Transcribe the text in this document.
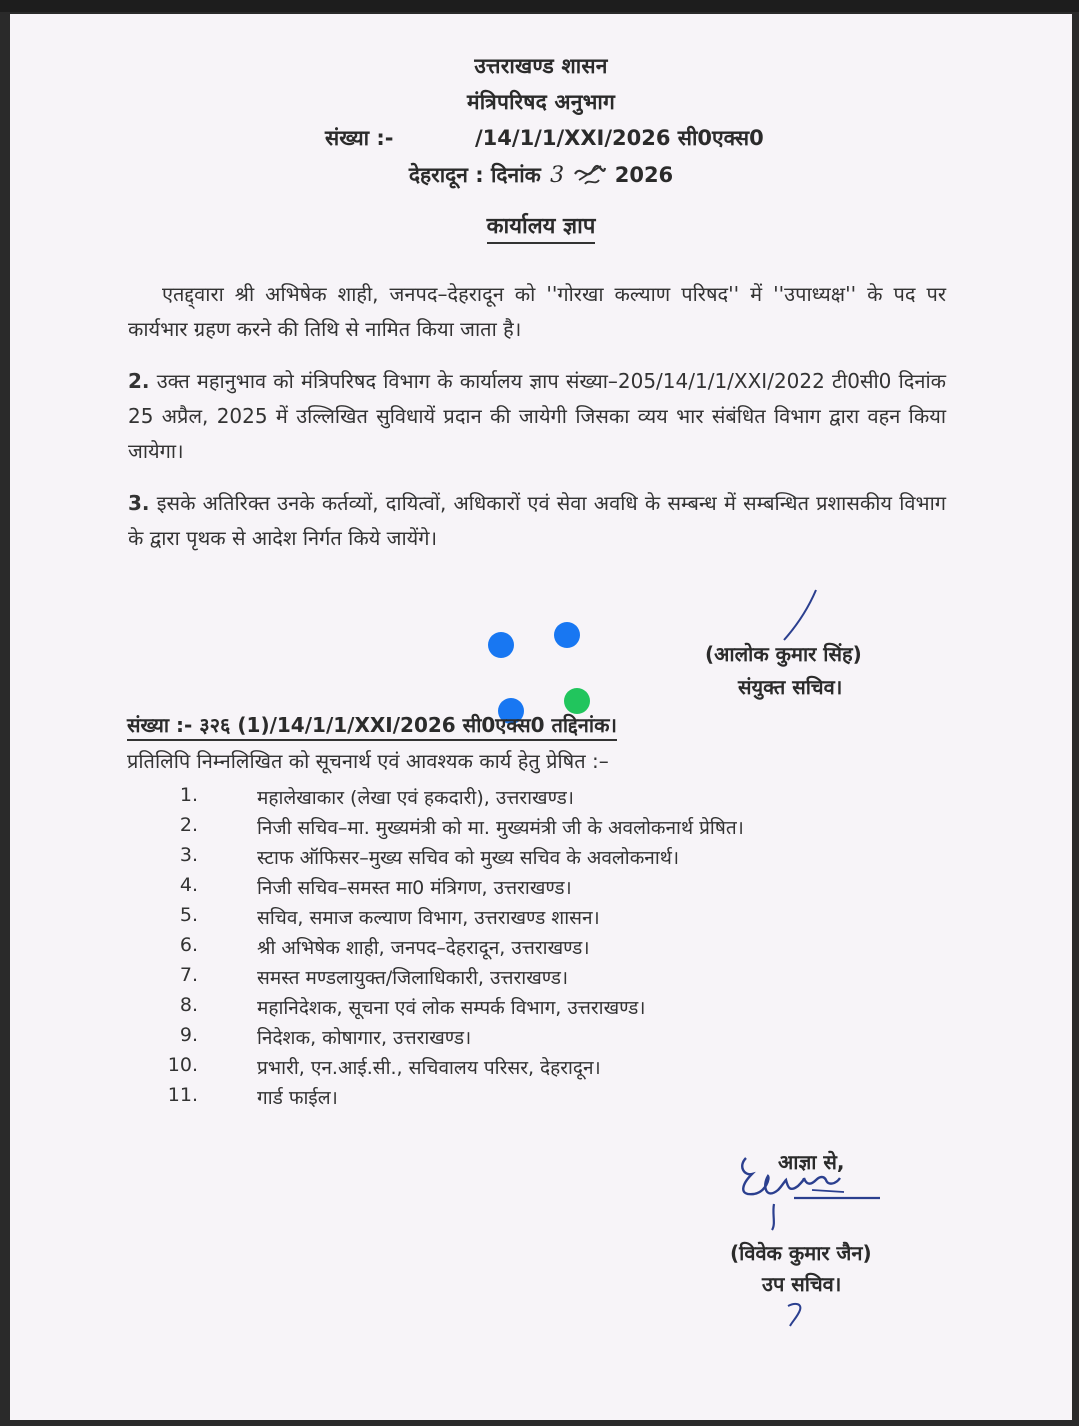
उत्तराखण्ड शासन
मंत्रिपरिषद अनुभाग
संख्या :-	/14/1/1/XXI/2026 सी0एक्स0
देहरादून : दिनांक 3 2026
कार्यालय ज्ञाप
एतद्द्वारा श्री अभिषेक शाही, जनपद–देहरादून को ''गोरखा कल्याण परिषद'' में ''उपाध्यक्ष'' के पद पर कार्यभार ग्रहण करने की तिथि से नामित किया जाता है।
2. उक्त महानुभाव को मंत्रिपरिषद विभाग के कार्यालय ज्ञाप संख्या–205/14/1/1/XXI/2022 टी0सी0 दिनांक 25 अप्रैल, 2025 में उल्लिखित सुविधायें प्रदान की जायेगी जिसका व्यय भार संबंधित विभाग द्वारा वहन किया जायेगा।
3. इसके अतिरिक्त उनके कर्तव्यों, दायित्वों, अधिकारों एवं सेवा अवधि के सम्बन्ध में सम्बन्धित प्रशासकीय विभाग के द्वारा पृथक से आदेश निर्गत किये जायेंगे।
(आलोक कुमार सिंह)
संयुक्त सचिव।
संख्या :- ३२६ (1)/14/1/1/XXI/2026 सी0एक्स0 तद्दिनांक।
प्रतिलिपि निम्नलिखित को सूचनार्थ एवं आवश्यक कार्य हेतु प्रेषित :–
1.	महालेखाकार (लेखा एवं हकदारी), उत्तराखण्ड।
2.	निजी सचिव–मा. मुख्यमंत्री को मा. मुख्यमंत्री जी के अवलोकनार्थ प्रेषित।
3.	स्टाफ ऑफिसर–मुख्य सचिव को मुख्य सचिव के अवलोकनार्थ।
4.	निजी सचिव–समस्त मा0 मंत्रिगण, उत्तराखण्ड।
5.	सचिव, समाज कल्याण विभाग, उत्तराखण्ड शासन।
6.	श्री अभिषेक शाही, जनपद–देहरादून, उत्तराखण्ड।
7.	समस्त मण्डलायुक्त/जिलाधिकारी, उत्तराखण्ड।
8.	महानिदेशक, सूचना एवं लोक सम्पर्क विभाग, उत्तराखण्ड।
9.	निदेशक, कोषागार, उत्तराखण्ड।
10.	प्रभारी, एन.आई.सी., सचिवालय परिसर, देहरादून।
11.	गार्ड फाईल।
आज्ञा से,
(विवेक कुमार जैन)
उप सचिव।
